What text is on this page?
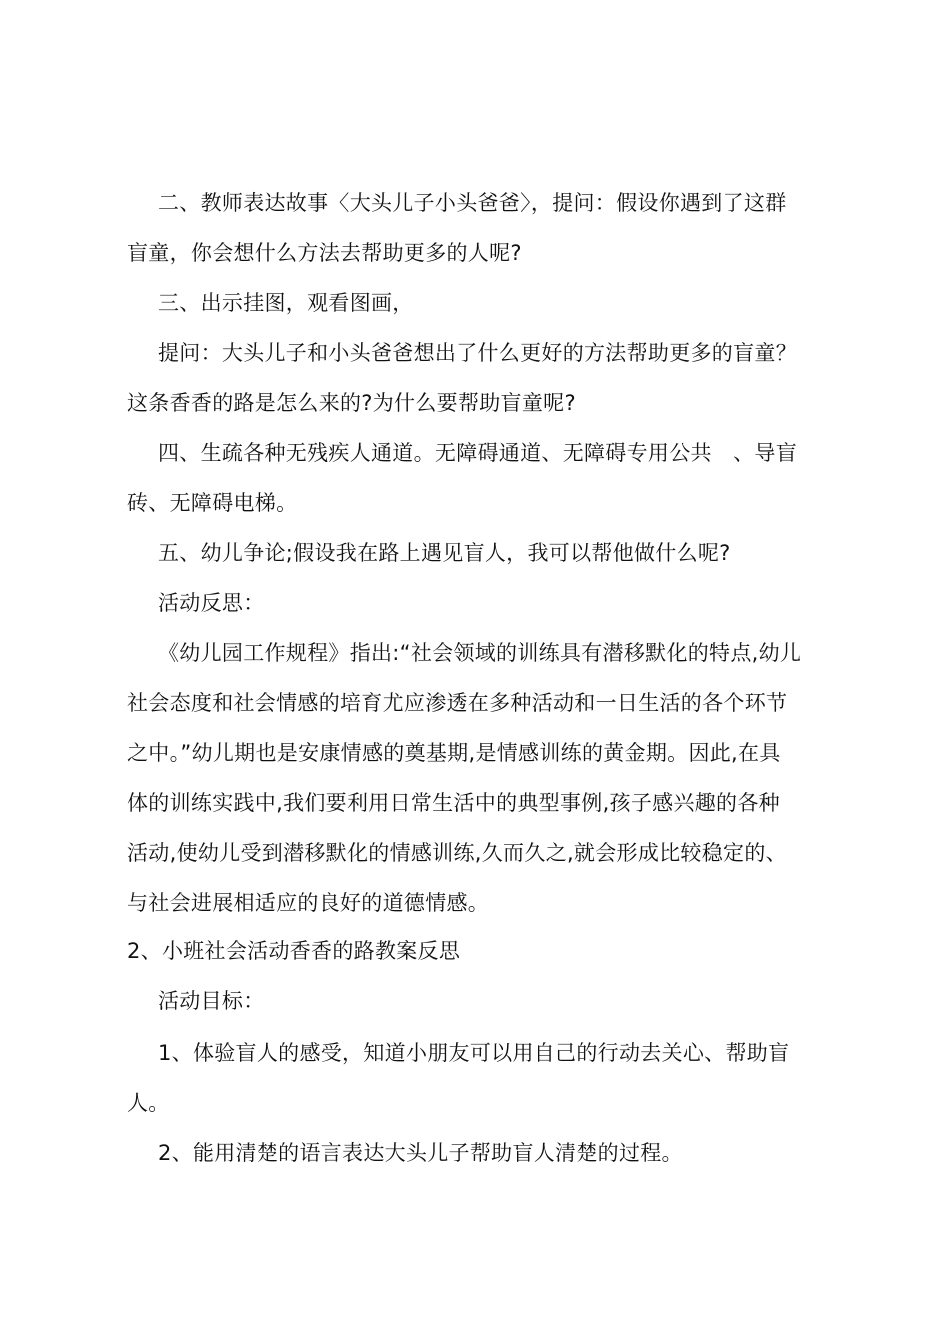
二、教师表达故事〈大头儿子小头爸爸〉，提问：假设你遇到了这群
盲童，你会想什么方法去帮助更多的人呢?
三、出示挂图，观看图画，
提问：大头儿子和小头爸爸想出了什么更好的方法帮助更多的盲童？
这条香香的路是怎么来的?为什么要帮助盲童呢?
四、生疏各种无残疾人通道。无障碍通道、无障碍专用公共　、导盲
砖、无障碍电梯。
五、幼儿争论;假设我在路上遇见盲人，我可以帮他做什么呢?
活动反思：
《幼儿园工作规程》指出:“社会领域的训练具有潜移默化的特点,幼儿
社会态度和社会情感的培育尤应渗透在多种活动和一日生活的各个环节
之中。”幼儿期也是安康情感的奠基期,是情感训练的黄金期。因此,在具
体的训练实践中,我们要利用日常生活中的典型事例,孩子感兴趣的各种
活动,使幼儿受到潜移默化的情感训练,久而久之,就会形成比较稳定的、
与社会进展相适应的良好的道德情感。
2、小班社会活动香香的路教案反思
活动目标：
1、体验盲人的感受，知道小朋友可以用自己的行动去关心、帮助盲
人。
2、能用清楚的语言表达大头儿子帮助盲人清楚的过程。
